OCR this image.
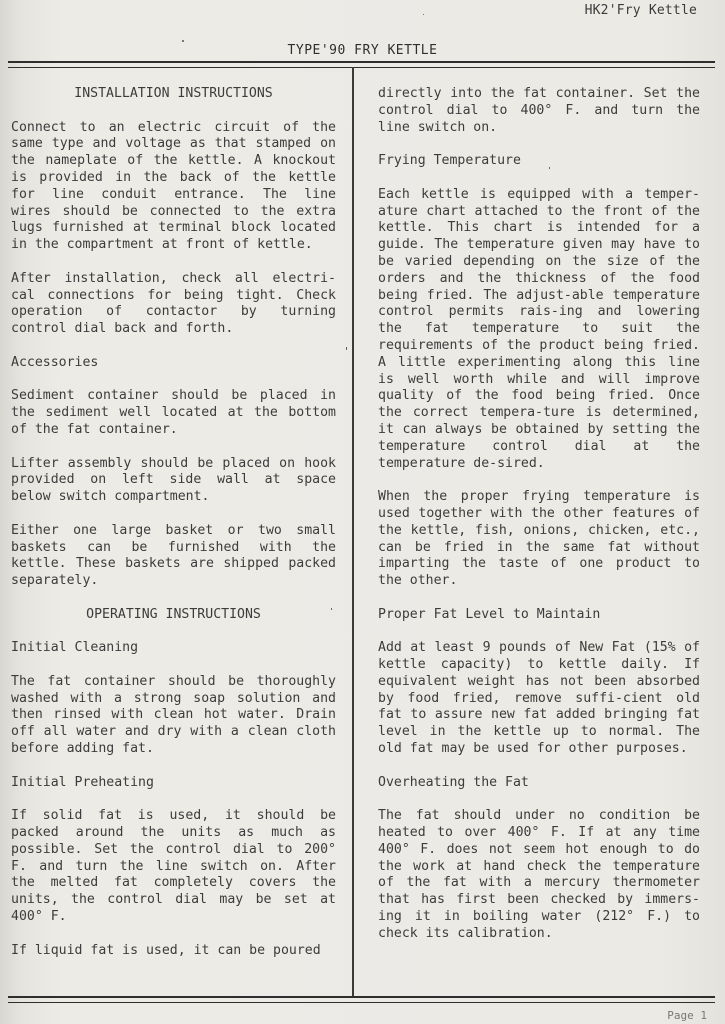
HK2'Fry Kettle
TYPE'90 FRY KETTLE

INSTALLATION INSTRUCTIONS

Connect to an electric circuit of the same type and voltage as that stamped on the nameplate of the kettle. A knockout is provided in the back of the kettle for line conduit entrance. The line wires should be connected to the extra lugs furnished at terminal block located in the compartment at front of kettle.

After installation, check all electri-cal connections for being tight. Check operation of contactor by turning control dial back and forth.

Accessories

Sediment container should be placed in the sediment well located at the bottom of the fat container.

Lifter assembly should be placed on hook provided on left side wall at space below switch compartment.

Either one large basket or two small baskets can be furnished with the kettle. These baskets are shipped packed separately.

OPERATING INSTRUCTIONS

Initial Cleaning

The fat container should be thoroughly washed with a strong soap solution and then rinsed with clean hot water. Drain off all water and dry with a clean cloth before adding fat.

Initial Preheating

If solid fat is used, it should be packed around the units as much as possible. Set the control dial to 200° F. and turn the line switch on. After the melted fat completely covers the units, the control dial may be set at 400° F.

If liquid fat is used, it can be poured

directly into the fat container. Set the control dial to 400° F. and turn the line switch on.

Frying Temperature

Each kettle is equipped with a temper-ature chart attached to the front of the kettle. This chart is intended for a guide. The temperature given may have to be varied depending on the size of the orders and the thickness of the food being fried. The adjust-able temperature control permits rais-ing and lowering the fat temperature to suit the requirements of the product being fried. A little experimenting along this line is well worth while and will improve quality of the food being fried. Once the correct tempera-ture is determined, it can always be obtained by setting the temperature control dial at the temperature de-sired.

When the proper frying temperature is used together with the other features of the kettle, fish, onions, chicken, etc., can be fried in the same fat without imparting the taste of one product to the other.

Proper Fat Level to Maintain

Add at least 9 pounds of New Fat (15% of kettle capacity) to kettle daily. If equivalent weight has not been absorbed by food fried, remove suffi-cient old fat to assure new fat added bringing fat level in the kettle up to normal. The old fat may be used for other purposes.

Overheating the Fat

The fat should under no condition be heated to over 400° F. If at any time 400° F. does not seem hot enough to do the work at hand check the temperature of the fat with a mercury thermometer that has first been checked by immers-ing it in boiling water (212° F.) to check its calibration.

Page 1
